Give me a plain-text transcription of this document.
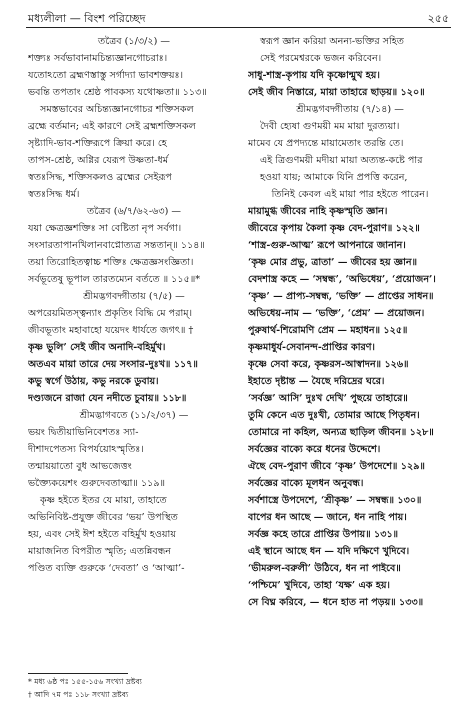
মধ্যলীলা — বিংশ পরিচ্ছেদ	২৫৫
তত্রৈব (১/৩/২) —
শক্ত্যঃ সর্বভাবানামচিন্ত্যজ্ঞানগোচরাঃ।
যতোঽতো ব্রহ্মণস্তাস্তু সর্গাদ্যা ভাবশক্তয়ঃ।
ভবন্তি তপতাং শ্রেষ্ঠ পাবকস্য যথোষ্ণতা॥ ১১৩॥
সমস্তভাবের অচিন্ত্যজ্ঞানগোচর শক্তিসকল
ব্রহ্মে বর্তমান; এই কারণে সেই ব্রহ্মশক্তিসকল
সৃষ্ট্যাদি-ভাব-শক্তিরূপে ক্রিয়া করে। হে
তাপস-শ্রেষ্ঠ, অগ্নির যেরূপ উষ্ণতা-ধর্ম
স্বতঃসিদ্ধ, শক্তিসকলও ব্রহ্মের সেইরূপ
স্বতঃসিদ্ধ ধর্ম।
তত্রৈব (৬/৭/৬২-৬৩) —
যয়া ক্ষেত্রজ্ঞশক্তিঃ সা বেষ্টিতা নৃপ সর্বগা।
সংসারতাপানখিলানবাপ্নোত্যত্র সন্ততান্॥ ১১৪॥
তয়া তিরোহিতত্বাচ্চ শক্তিঃ ক্ষেত্রজ্ঞসংজ্ঞিতা।
সর্বভূতেষু ভূপাল তারতম্যেন বর্ততে ॥ ১১৫॥*
শ্রীমদ্ভগবদ্গীতায় (৭/৫) —
অপরেয়মিতস্ত্বন্যাং প্রকৃতিং বিদ্ধি মে পরাম্।
জীবভূতাং মহাবাহো যয়েদং ধার্যতে জগৎ॥ †
কৃষ্ণ ভুলি’ সেই জীব অনাদি-বহির্মুখ।
অতএব মায়া তারে দেয় সংসার-দুঃখ॥ ১১৭॥
কভু স্বর্গে উঠায়, কভু নরকে ডুবায়।
দণ্ড্যজনে রাজা যেন নদীতে চুবায়॥ ১১৮॥
শ্রীমদ্ভাগবতে (১১/২/৩৭) —
ভয়ং দ্বিতীয়াভিনিবেশতঃ স্যা-
দীশাদপেতস্য বিপর্যয়োঽস্মৃতিঃ।
তন্মায়য়াতো বুধ আভজেত্তং
ভক্ত্যৈকয়েশং গুরুদেবতাত্মা॥ ১১৯॥
কৃষ্ণ হইতে ইতর যে মায়া, তাহাতে
অভিনিবিষ্ট-প্রযুক্ত জীবের ‘ভয়’ উপস্থিত
হয়, এবং সেই ঈশ হইতে বহির্মুখ হওয়ায়
মায়াজনিত বিপরীত স্মৃতি; এতন্নিবন্ধন
পণ্ডিত ব্যক্তি গুরুকে ‘দেবতা’ ও ‘আত্মা’-
স্বরূপ জ্ঞান করিয়া অনন্য-ভক্তির সহিত
সেই পরমেশ্বরকে ভজন করিবেন।
সাধু-শাস্ত্র-কৃপায় যদি কৃষ্ণোন্মুখ হয়।
সেই জীব নিস্তারে, মায়া তাহারে ছাড়য়॥ ১২০॥
শ্রীমদ্ভগবদ্গীতায় (৭/১৪) —
দৈবী হ্যেষা গুণময়ী মম মায়া দুরত্যয়া।
মামেব যে প্রপদ্যন্তে মায়ামেতাং তরন্তি তে।
এই ত্রিগুণময়ী মদীয়া মায়া অত্যন্ত-কষ্টে পার
হওয়া যায়; আমাকে যিনি প্রপত্তি করেন,
তিনিই কেবল এই মায়া পার হইতে পারেন।
মায়ামুগ্ধ জীবের নাহি কৃষ্ণস্মৃতি জ্ঞান।
জীবেরে কৃপায় কৈলা কৃষ্ণ বেদ-পুরাণ॥ ১২২॥
‘শাস্ত্র-গুরু-আত্ম’ রূপে আপনারে জানান।
‘কৃষ্ণ মোর প্রভু, ত্রাতা’ — জীবের হয় জ্ঞান॥
বেদশাস্ত্র কহে — ‘সম্বন্ধ’, ‘অভিধেয়’, ‘প্রয়োজন’।
‘কৃষ্ণ’ — প্রাপ্য-সম্বন্ধ, ‘ভক্তি’ — প্রাপ্তের সাধন॥
অভিধেয়-নাম — ‘ভক্তি’, ‘প্রেম’ — প্রয়োজন।
পুরুষার্থ-শিরোমণি প্রেম — মহাধন॥ ১২৫॥
কৃষ্ণমাধুর্য-সেবানন্দ-প্রাপ্তির কারণ।
কৃষ্ণে সেবা করে, কৃষ্ণরস-আস্বাদন॥ ১২৬॥
ইহাতে দৃষ্টান্ত — যৈছে দরিদ্রের ঘরে।
‘সর্বজ্ঞ’ আসি’ দুঃখ দেখি’ পুছয়ে তাহারে॥
তুমি কেনে এত দুঃখী, তোমার আছে পিতৃধন।
তোমারে না কহিল, অন্যত্র ছাড়িল জীবন॥ ১২৮॥
সর্বজ্ঞের বাক্যে করে ধনের উদ্দেশে।
ঐছে বেদ-পুরাণ জীবে ‘কৃষ্ণ’ উপদেশে॥ ১২৯॥
সর্বজ্ঞের বাক্যে মূলধন অনুবন্ধ।
সর্বশাস্ত্রে উপদেশে, ‘শ্রীকৃষ্ণ’ — সম্বন্ধ॥ ১৩০॥
বাপের ধন আছে — জানে, ধন নাহি পায়।
সর্বজ্ঞ কহে তারে প্রাপ্তির উপায়॥ ১৩১॥
এই স্থানে আছে ধন — যদি দক্ষিণে খুদিবে।
‘ভীমরুল-বরুলী’ উঠিবে, ধন না পাইবে॥
‘পশ্চিমে’ খুদিবে, তাহা ‘যক্ষ’ এক হয়।
সে বিঘ্ন করিবে, — ধনে হাত না পড়য়॥ ১৩৩॥
* মধ্য ৬ষ্ঠ পঃ ১৫৫-১৫৬ সংখ্যা দ্রষ্টব্য
† আদি ৭ম পঃ ১১৮ সংখ্যা দ্রষ্টব্য
